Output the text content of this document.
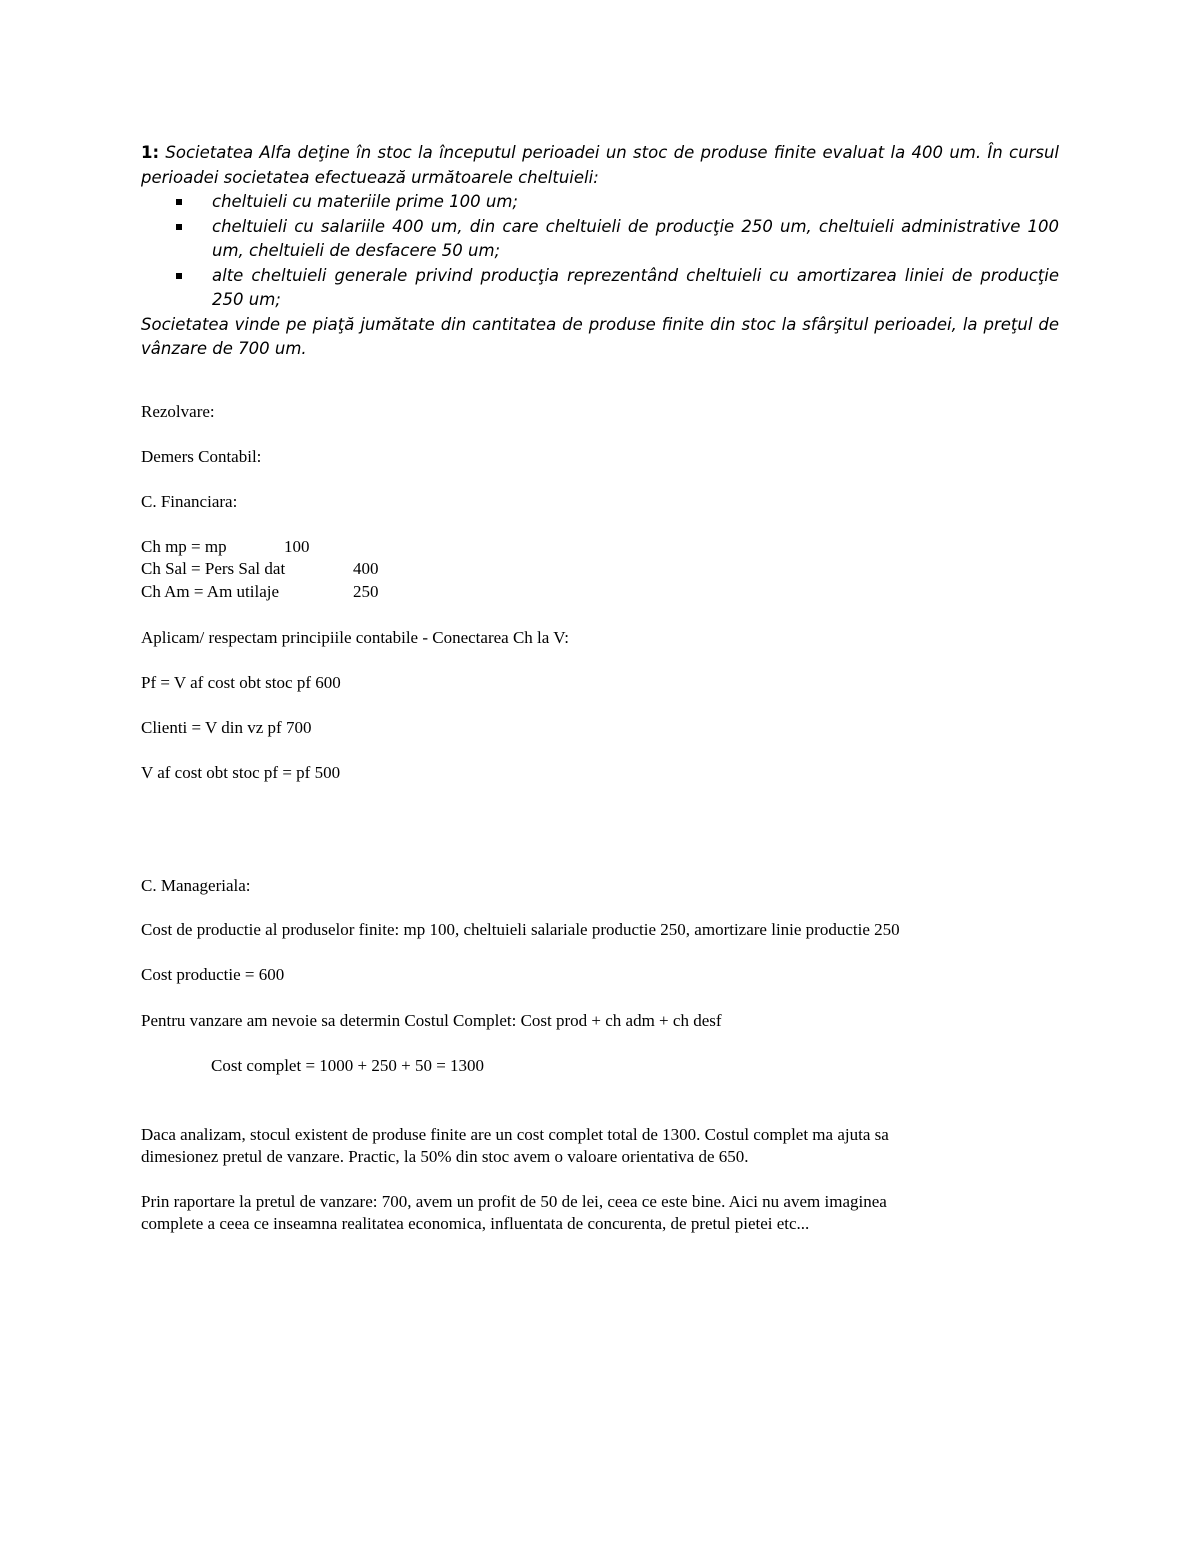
1: Societatea Alfa deţine în stoc la începutul perioadei un stoc de produse finite evaluat la 400 um. În cursul perioadei societatea efectuează următoarele cheltuieli:

cheltuieli cu materiile prime 100 um;
cheltuieli cu salariile 400 um, din care cheltuieli de producţie 250 um, cheltuieli administrative 100 um, cheltuieli de desfacere 50 um;
alte cheltuieli generale privind producţia reprezentând cheltuieli cu amortizarea liniei de producţie 250 um;

Societatea vinde pe piaţă jumătate din cantitatea de produse finite din stoc la sfârşitul perioadei, la preţul de vânzare de 700 um.

Rezolvare:
Demers Contabil:
C. Financiara:
Ch mp = mp	100
Ch Sal = Pers Sal dat	400
Ch Am = Am utilaje	250
Aplicam/ respectam principiile contabile - Conectarea Ch la V:
Pf = V af cost obt stoc pf 600
Clienti = V din vz pf 700
V af cost obt stoc pf = pf 500
C. Manageriala:
Cost de productie al produselor finite: mp 100, cheltuieli salariale productie 250, amortizare linie productie 250
Cost productie = 600
Pentru vanzare am nevoie sa determin Costul Complet: Cost prod + ch adm + ch desf
Cost complet = 1000 + 250 + 50 = 1300
Daca analizam, stocul existent de produse finite are un cost complet total de 1300. Costul complet ma ajuta sa
dimesionez pretul de vanzare. Practic, la 50% din stoc avem o valoare orientativa de 650.
Prin raportare la pretul de vanzare: 700, avem un profit de 50 de lei, ceea ce este bine. Aici nu avem imaginea
complete a ceea ce inseamna realitatea economica, influentata de concurenta, de pretul pietei etc...
